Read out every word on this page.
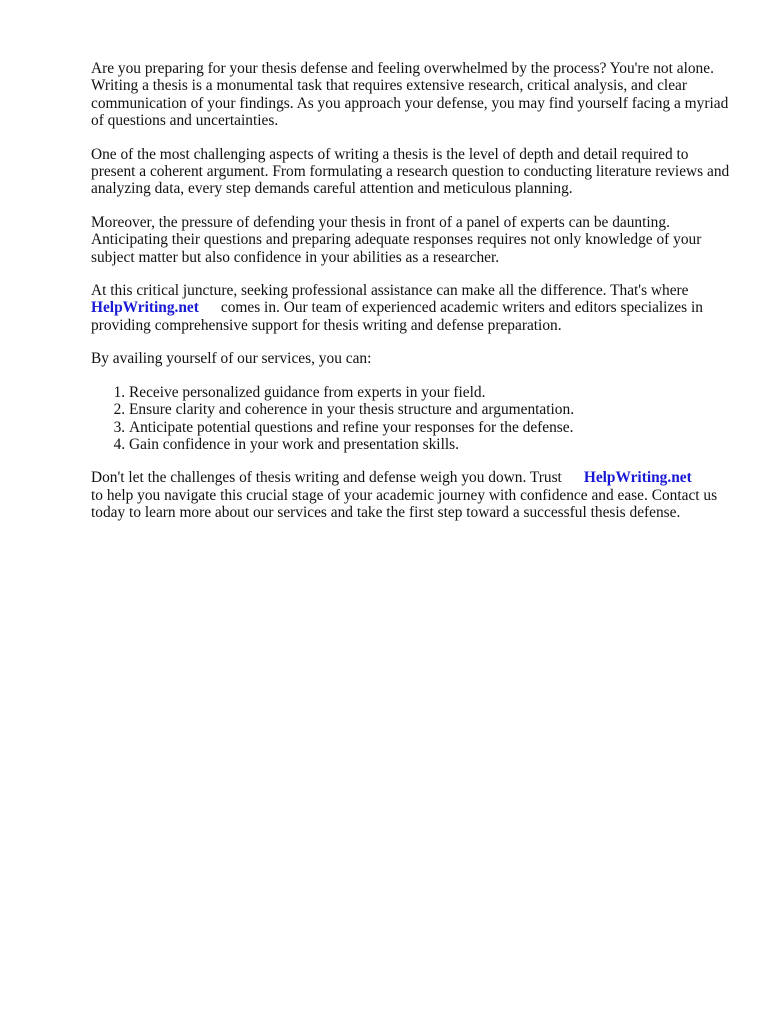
Are you preparing for your thesis defense and feeling overwhelmed by the process? You're not alone. Writing a thesis is a monumental task that requires extensive research, critical analysis, and clear communication of your findings. As you approach your defense, you may find yourself facing a myriad of questions and uncertainties.

One of the most challenging aspects of writing a thesis is the level of depth and detail required to present a coherent argument. From formulating a research question to conducting literature reviews and analyzing data, every step demands careful attention and meticulous planning.

Moreover, the pressure of defending your thesis in front of a panel of experts can be daunting. Anticipating their questions and preparing adequate responses requires not only knowledge of your subject matter but also confidence in your abilities as a researcher.

At this critical juncture, seeking professional assistance can make all the difference. That's where
HelpWriting.net comes in. Our team of experienced academic writers and editors specializes in providing comprehensive support for thesis writing and defense preparation.

By availing yourself of our services, you can:

1. Receive personalized guidance from experts in your field.
2. Ensure clarity and coherence in your thesis structure and argumentation.
3. Anticipate potential questions and refine your responses for the defense.
4. Gain confidence in your work and presentation skills.

Don't let the challenges of thesis writing and defense weigh you down. Trust HelpWriting.net
to help you navigate this crucial stage of your academic journey with confidence and ease. Contact us today to learn more about our services and take the first step toward a successful thesis defense.
